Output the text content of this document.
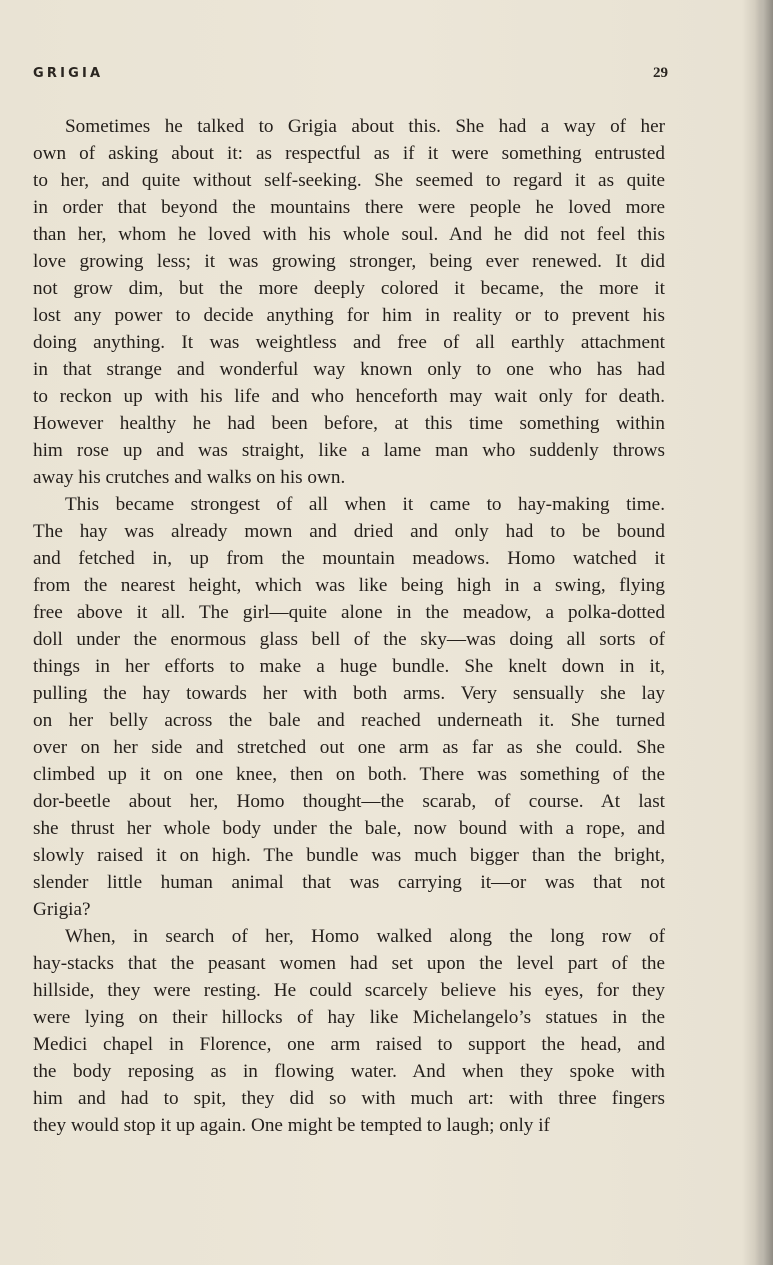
GRIGIA	29
Sometimes he talked to Grigia about this. She had a way of her
own of asking about it: as respectful as if it were something entrusted
to her, and quite without self-seeking. She seemed to regard it as quite
in order that beyond the mountains there were people he loved more
than her, whom he loved with his whole soul. And he did not feel this
love growing less; it was growing stronger, being ever renewed. It did
not grow dim, but the more deeply colored it became, the more it
lost any power to decide anything for him in reality or to prevent his
doing anything. It was weightless and free of all earthly attachment
in that strange and wonderful way known only to one who has had
to reckon up with his life and who henceforth may wait only for death.
However healthy he had been before, at this time something within
him rose up and was straight, like a lame man who suddenly throws
away his crutches and walks on his own.
This became strongest of all when it came to hay-making time.
The hay was already mown and dried and only had to be bound
and fetched in, up from the mountain meadows. Homo watched it
from the nearest height, which was like being high in a swing, flying
free above it all. The girl—quite alone in the meadow, a polka-dotted
doll under the enormous glass bell of the sky—was doing all sorts of
things in her efforts to make a huge bundle. She knelt down in it,
pulling the hay towards her with both arms. Very sensually she lay
on her belly across the bale and reached underneath it. She turned
over on her side and stretched out one arm as far as she could. She
climbed up it on one knee, then on both. There was something of the
dor-beetle about her, Homo thought—the scarab, of course. At last
she thrust her whole body under the bale, now bound with a rope, and
slowly raised it on high. The bundle was much bigger than the bright,
slender little human animal that was carrying it—or was that not
Grigia?
When, in search of her, Homo walked along the long row of
hay-stacks that the peasant women had set upon the level part of the
hillside, they were resting. He could scarcely believe his eyes, for they
were lying on their hillocks of hay like Michelangelo’s statues in the
Medici chapel in Florence, one arm raised to support the head, and
the body reposing as in flowing water. And when they spoke with
him and had to spit, they did so with much art: with three fingers
they would stop it up again. One might be tempted to laugh; only if
